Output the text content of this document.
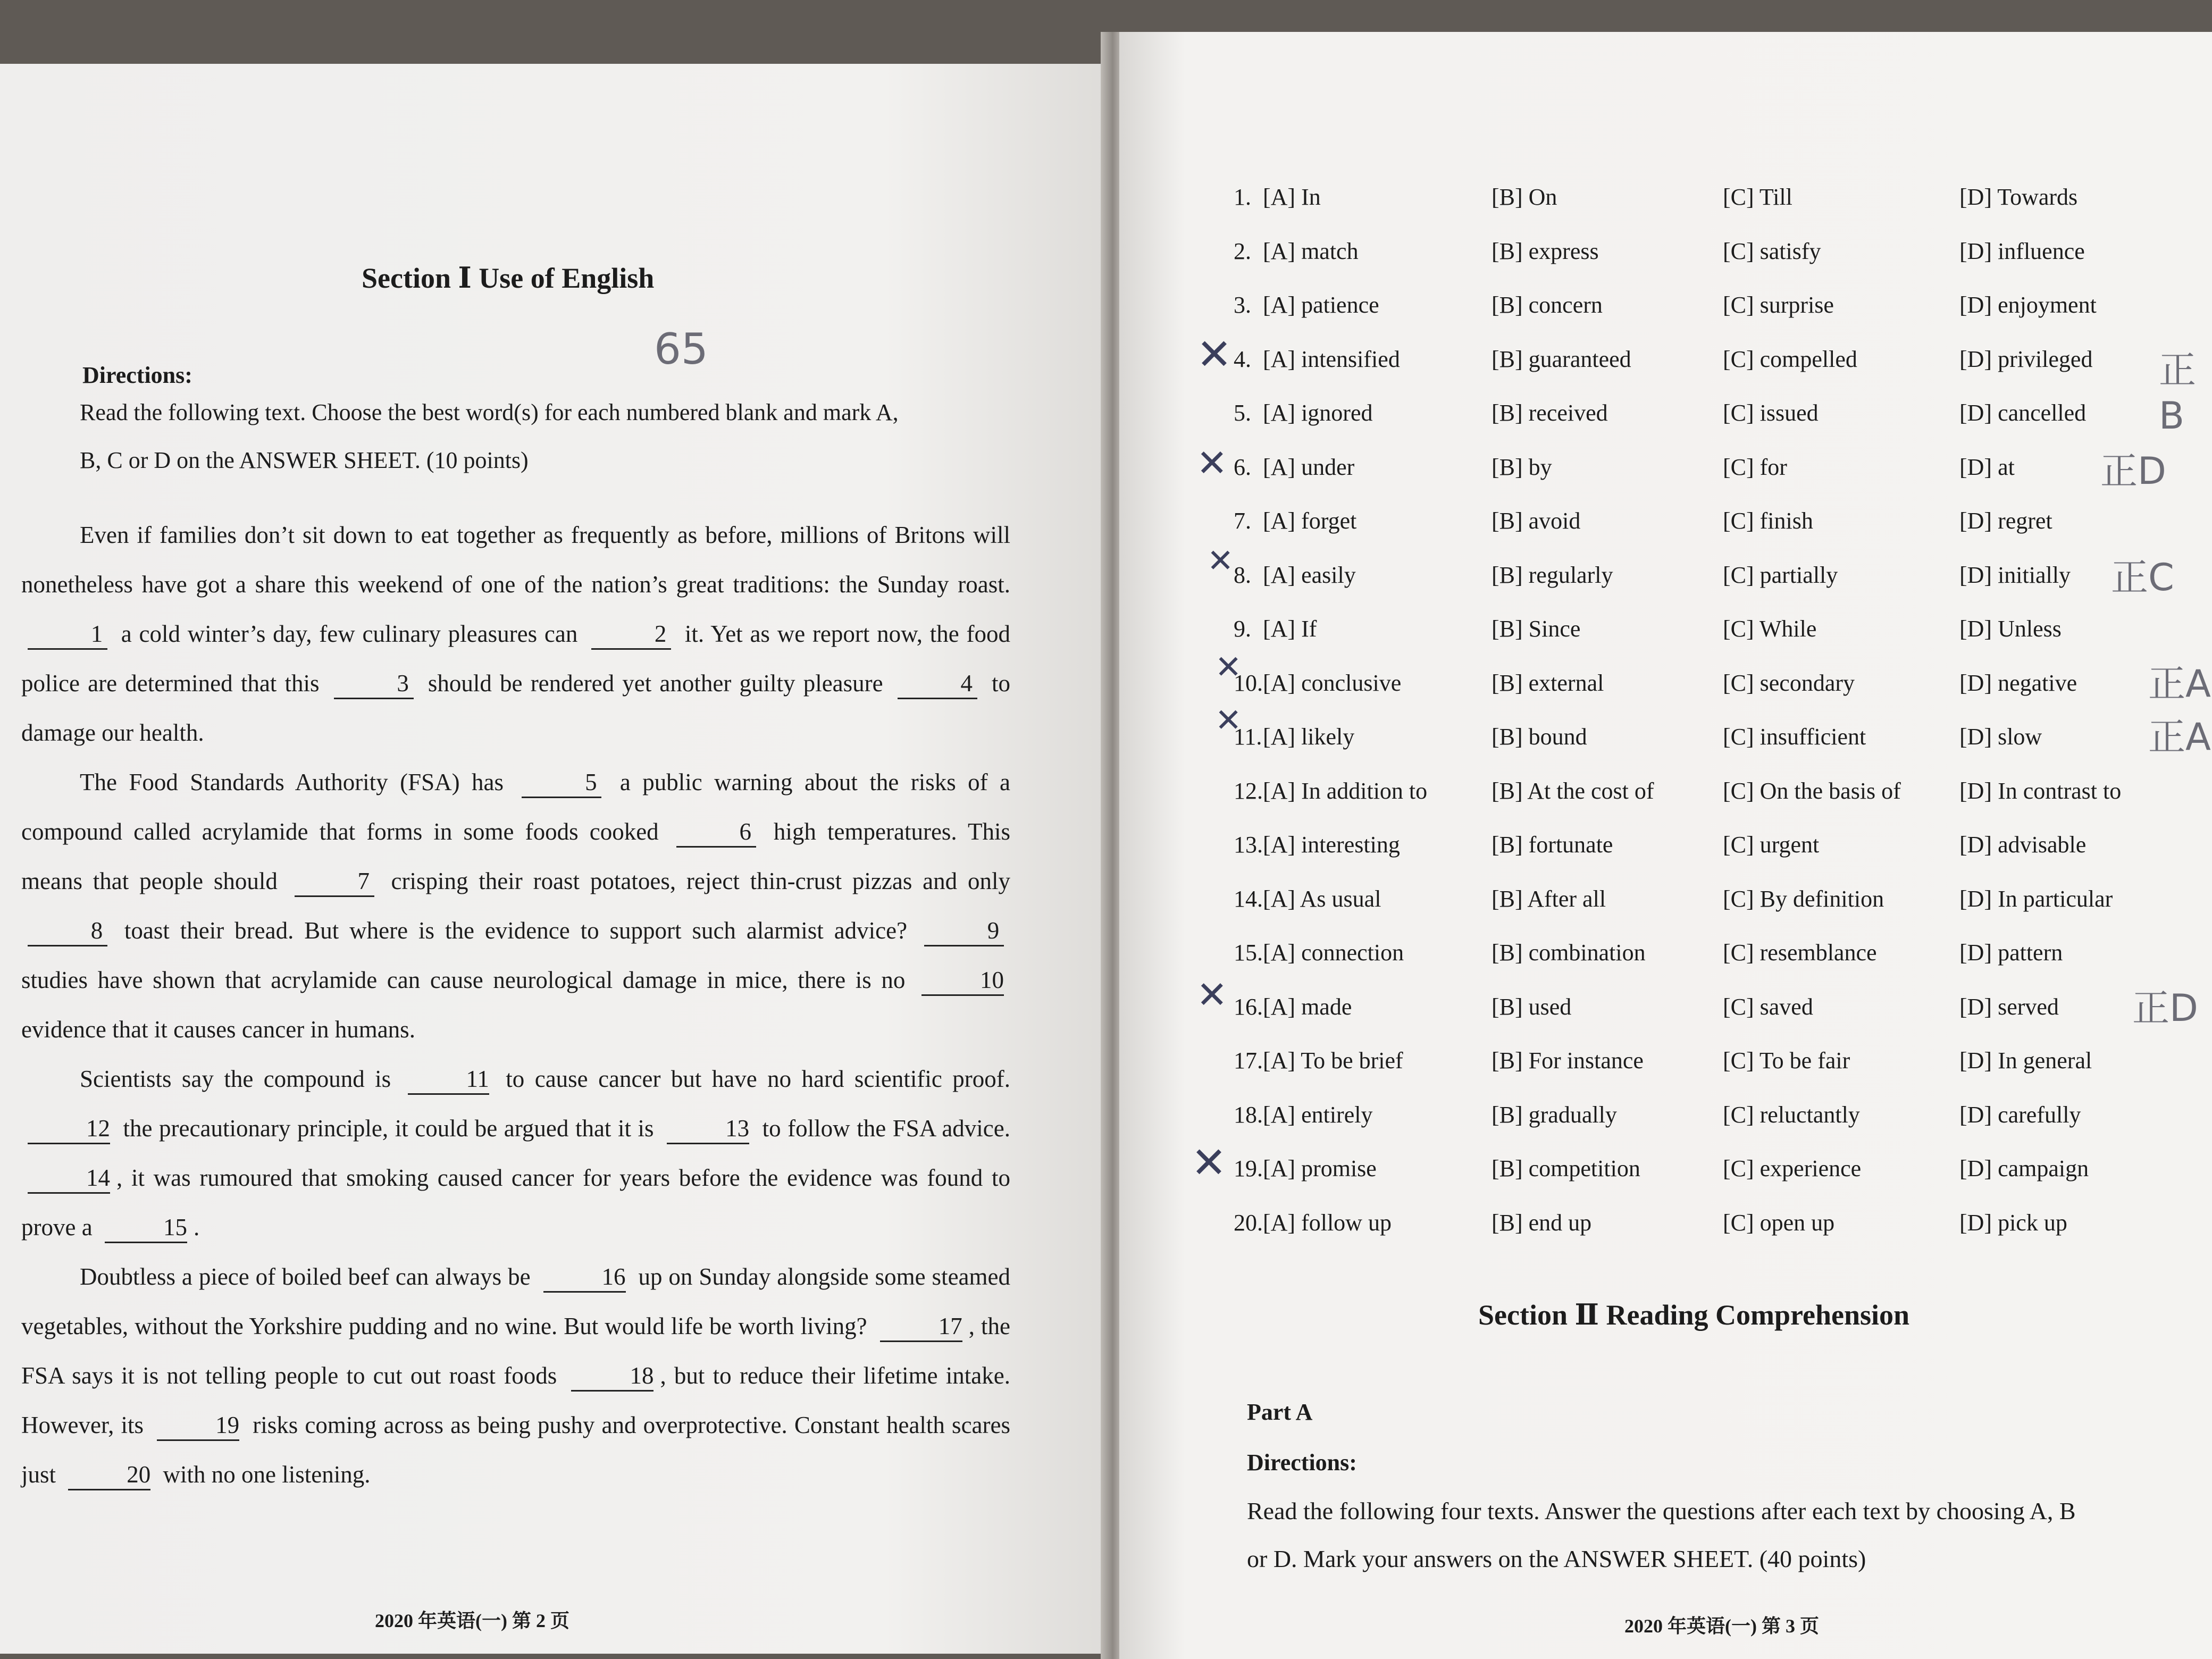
Section Ⅰ Use of English
Directions:
Read the following text. Choose the best word(s) for each numbered blank and mark A,
B, C or D on the ANSWER SHEET. (10 points)
65

Even if families don’t sit down to eat together as frequently as before, millions of Britons will nonetheless have got a share this weekend of one of the nation’s great traditions: the Sunday roast. 1 a cold winter’s day, few culinary pleasures can	2 it. Yet as we report now, the food police are determined that this	3 should be rendered yet another guilty pleasure	4 to damage our health.

The Food Standards Authority (FSA) has	5 a public warning about the risks of a compound called acrylamide that forms in some foods cooked	6 high temperatures. This means that people should	7 crisping their roast potatoes, reject thin-crust pizzas and only 8 toast their bread. But where is the evidence to support such alarmist advice?	9 studies have shown that acrylamide can cause neurological damage in mice, there is no	10 evidence that it causes cancer in humans.

Scientists say the compound is	11 to cause cancer but have no hard scientific proof. 12 the precautionary principle, it could be argued that it is	13 to follow the FSA advice. 14 , it was rumoured that smoking caused cancer for years before the evidence was found to prove a	15 .

Doubtless a piece of boiled beef can always be	16 up on Sunday alongside some steamed vegetables, without the Yorkshire pudding and no wine. But would life be worth living?	17 , the FSA says it is not telling people to cut out roast foods	18 , but to reduce their lifetime intake. However, its	19 risks coming across as being pushy and overprotective. Constant health scares just	20 with no one listening.

2020 年英语(一) 第 2 页
1. [A] In	[B] On	[C] Till	[D] Towards
2. [A] match	[B] express	[C] satisfy	[D] influence
3. [A] patience	[B] concern	[C] surprise	[D] enjoyment
4. [A] intensified	[B] guaranteed	[C] compelled	[D] privileged
5. [A] ignored	[B] received	[C] issued	[D] cancelled
6. [A] under	[B] by	[C] for	[D] at
7. [A] forget	[B] avoid	[C] finish	[D] regret
8. [A] easily	[B] regularly	[C] partially	[D] initially
9. [A] If	[B] Since	[C] While	[D] Unless
10. [A] conclusive	[B] external	[C] secondary	[D] negative
11. [A] likely	[B] bound	[C] insufficient	[D] slow
12. [A] In addition to	[B] At the cost of	[C] On the basis of	[D] In contrast to
13. [A] interesting	[B] fortunate	[C] urgent	[D] advisable
14. [A] As usual	[B] After all	[C] By definition	[D] In particular
15. [A] connection	[B] combination	[C] resemblance	[D] pattern
16. [A] made	[B] used	[C] saved	[D] served
17. [A] To be brief	[B] For instance	[C] To be fair	[D] In general
18. [A] entirely	[B] gradually	[C] reluctantly	[D] carefully
19. [A] promise	[B] competition	[C] experience	[D] campaign
20. [A] follow up	[B] end up	[C] open up	[D] pick up
正B
正D
正C
正A
正A
正D
✕
✕
✕
✕
✕
✕
✕
Section Ⅱ Reading Comprehension
Part A
Directions:
Read the following four texts. Answer the questions after each text by choosing A, B
or D. Mark your answers on the ANSWER SHEET. (40 points)
2020 年英语(一) 第 3 页
